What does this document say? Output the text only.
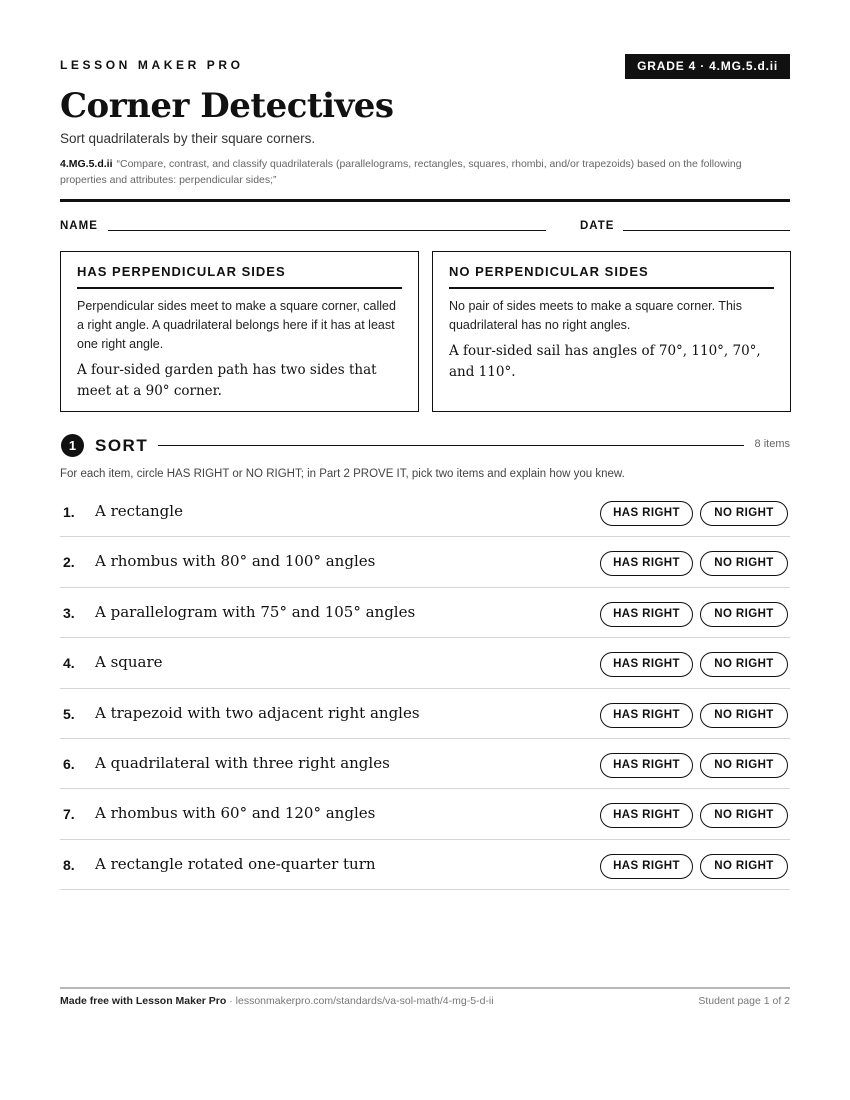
LESSON MAKER PRO	GRADE 4 · 4.MG.5.d.ii
Corner Detectives
Sort quadrilaterals by their square corners.
4.MG.5.d.ii “Compare, contrast, and classify quadrilaterals (parallelograms, rectangles, squares, rhombi, and/or trapezoids) based on the following properties and attributes: perpendicular sides;”
NAME	DATE
HAS PERPENDICULAR SIDES
Perpendicular sides meet to make a square corner, called a right angle. A quadrilateral belongs here if it has at least one right angle.
A four-sided garden path has two sides that meet at a 90° corner.
NO PERPENDICULAR SIDES
No pair of sides meets to make a square corner. This quadrilateral has no right angles.
A four-sided sail has angles of 70°, 110°, 70°, and 110°.
1	SORT	8 items
For each item, circle HAS RIGHT or NO RIGHT; in Part 2 PROVE IT, pick two items and explain how you knew.
1. A rectangle	HAS RIGHT	NO RIGHT
2. A rhombus with 80° and 100° angles	HAS RIGHT	NO RIGHT
3. A parallelogram with 75° and 105° angles	HAS RIGHT	NO RIGHT
4. A square	HAS RIGHT	NO RIGHT
5. A trapezoid with two adjacent right angles	HAS RIGHT	NO RIGHT
6. A quadrilateral with three right angles	HAS RIGHT	NO RIGHT
7. A rhombus with 60° and 120° angles	HAS RIGHT	NO RIGHT
8. A rectangle rotated one-quarter turn	HAS RIGHT	NO RIGHT
Made free with Lesson Maker Pro · lessonmakerpro.com/standards/va-sol-math/4-mg-5-d-ii	Student page 1 of 2
